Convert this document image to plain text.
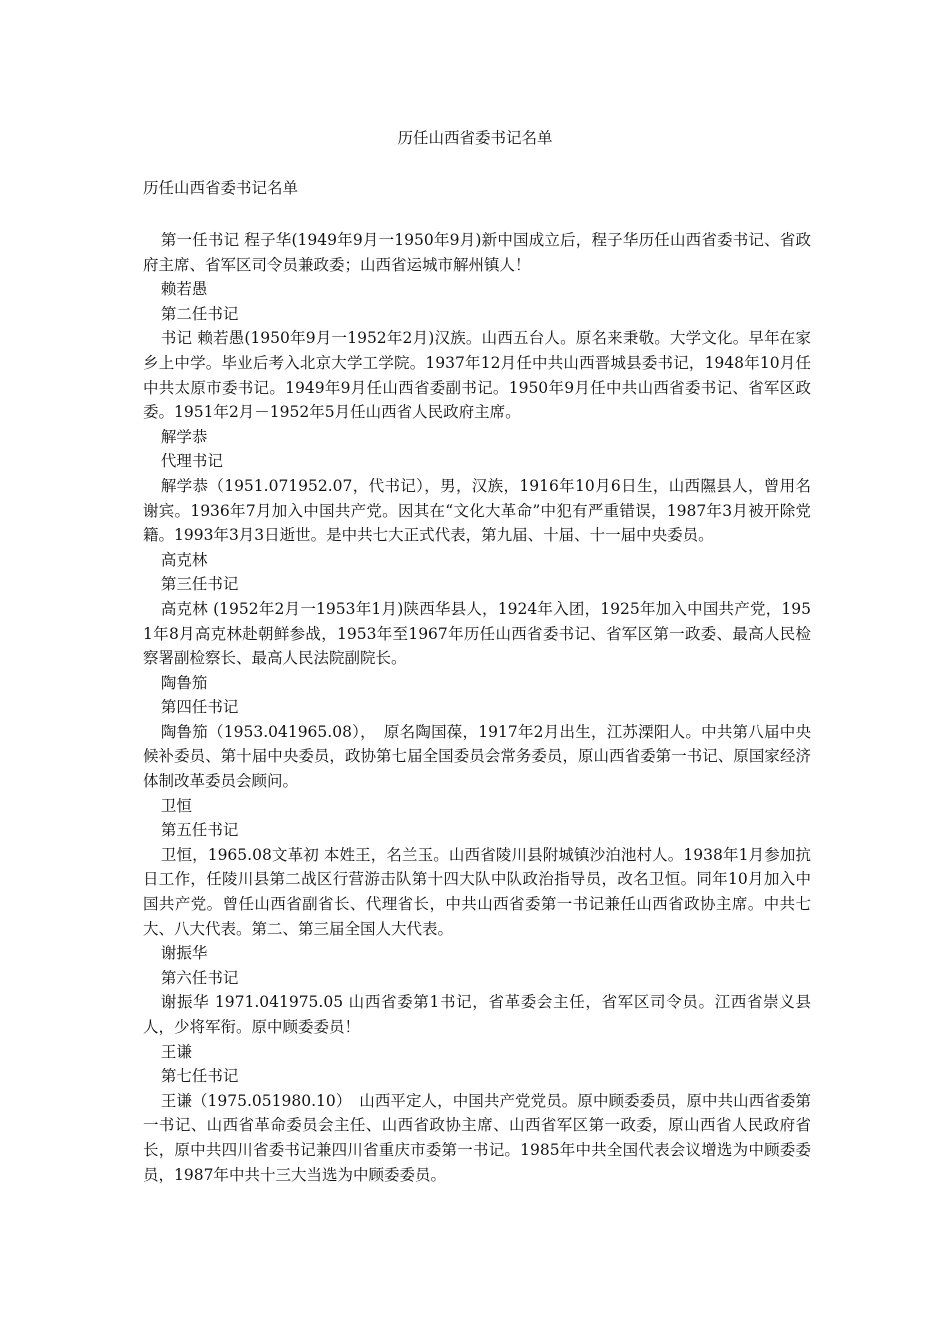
历任山西省委书记名单
历任山西省委书记名单

第一任书记 程子华(1949年9月一1950年9月)新中国成立后，程子华历任山西省委书记、省政府主席、省军区司令员兼政委；山西省运城市解州镇人！

赖若愚

第二任书记

书记 赖若愚(1950年9月一1952年2月)汉族。山西五台人。原名来秉敬。大学文化。早年在家乡上中学。毕业后考入北京大学工学院。1937年12月任中共山西晋城县委书记，1948年10月任中共太原市委书记。1949年9月任山西省委副书记。1950年9月任中共山西省委书记、省军区政委。1951年2月－1952年5月任山西省人民政府主席。

解学恭

代理书记

解学恭（1951.071952.07，代书记），男，汉族，1916年10月6日生，山西隰县人，曾用名谢宾。1936年7月加入中国共产党。因其在“文化大革命”中犯有严重错误，1987年3月被开除党籍。1993年3月3日逝世。是中共七大正式代表，第九届、十届、十一届中央委员。

高克林

第三任书记

高克林 (1952年2月一1953年1月)陕西华县人，1924年入团，1925年加入中国共产党，1951年8月高克林赴朝鲜参战，1953年至1967年历任山西省委书记、省军区第一政委、最高人民检察署副检察长、最高人民法院副院长。

陶鲁笳

第四任书记

陶鲁笳（1953.041965.08），　原名陶国葆，1917年2月出生，江苏溧阳人。中共第八届中央候补委员、第十届中央委员，政协第七届全国委员会常务委员，原山西省委第一书记、原国家经济体制改革委员会顾问。

卫恒

第五任书记

卫恒，1965.08文革初 本姓王，名兰玉。山西省陵川县附城镇沙泊池村人。1938年1月参加抗日工作，任陵川县第二战区行营游击队第十四大队中队政治指导员，改名卫恒。同年10月加入中国共产党。曾任山西省副省长、代理省长，中共山西省委第一书记兼任山西省政协主席。中共七大、八大代表。第二、第三届全国人大代表。

谢振华

第六任书记

谢振华 1971.041975.05 山西省委第1书记，省革委会主任，省军区司令员。江西省崇义县人，少将军衔。原中顾委委员！

王谦

第七任书记

王谦（1975.051980.10）　山西平定人，中国共产党党员。原中顾委委员，原中共山西省委第一书记、山西省革命委员会主任、山西省政协主席、山西省军区第一政委，原山西省人民政府省长，原中共四川省委书记兼四川省重庆市委第一书记。1985年中共全国代表会议增选为中顾委委员，1987年中共十三大当选为中顾委委员。
